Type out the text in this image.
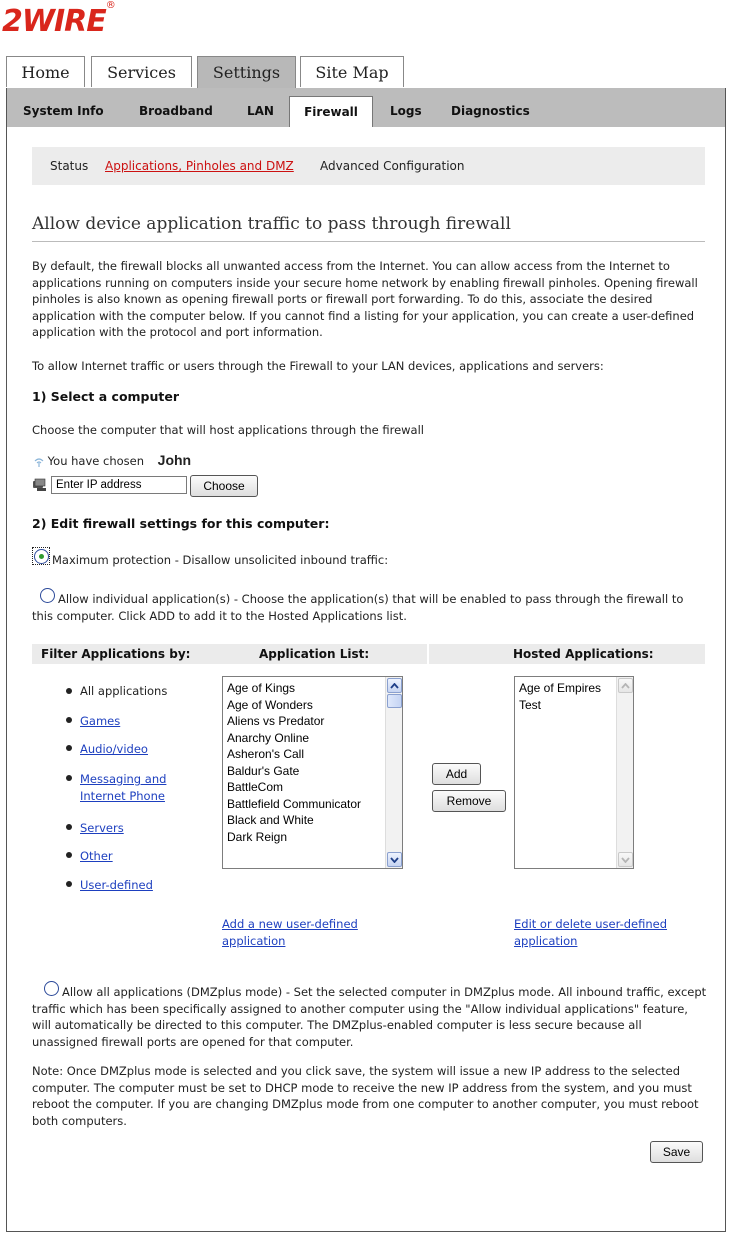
2WIRE®
Home	Services	Settings	Site Map
System Info	Broadband	LAN	Firewall	Logs Diagnostics
Status Applications, Pinholes and DMZ Advanced Configuration
Allow device application traffic to pass through firewall
By default, the firewall blocks all unwanted access from the Internet. You can allow access from the Internet to applications running on computers inside your secure home network by enabling firewall pinholes. Opening firewall pinholes is also known as opening firewall ports or firewall port forwarding. To do this, associate the desired application with the computer below. If you cannot find a listing for your application, you can create a user-defined application with the protocol and port information.
To allow Internet traffic or users through the Firewall to your LAN devices, applications and servers:
1) Select a computer
Choose the computer that will host applications through the firewall
You have chosen John
Enter IP address
Choose
2) Edit firewall settings for this computer:
Maximum protection - Disallow unsolicited inbound traffic:
Allow individual application(s) - Choose the application(s) that will be enabled to pass through the firewall to this computer. Click ADD to add it to the Hosted Applications list.
Filter Applications by:	Application List:	Hosted Applications:
All applications
Games
Audio/video
Messaging and Internet Phone
Servers
Other
User-defined
Age of Kings
Age of Wonders
Aliens vs Predator
Anarchy Online
Asheron's Call
Baldur's Gate
BattleCom
Battlefield Communicator
Black and White
Dark Reign
Add
Remove
Age of Empires
Test
Add a new user-defined application
Edit or delete user-defined application
Allow all applications (DMZplus mode) - Set the selected computer in DMZplus mode. All inbound traffic, except traffic which has been specifically assigned to another computer using the "Allow individual applications" feature, will automatically be directed to this computer. The DMZplus-enabled computer is less secure because all unassigned firewall ports are opened for that computer.
Note: Once DMZplus mode is selected and you click save, the system will issue a new IP address to the selected computer. The computer must be set to DHCP mode to receive the new IP address from the system, and you must reboot the computer. If you are changing DMZplus mode from one computer to another computer, you must reboot both computers.
Save
